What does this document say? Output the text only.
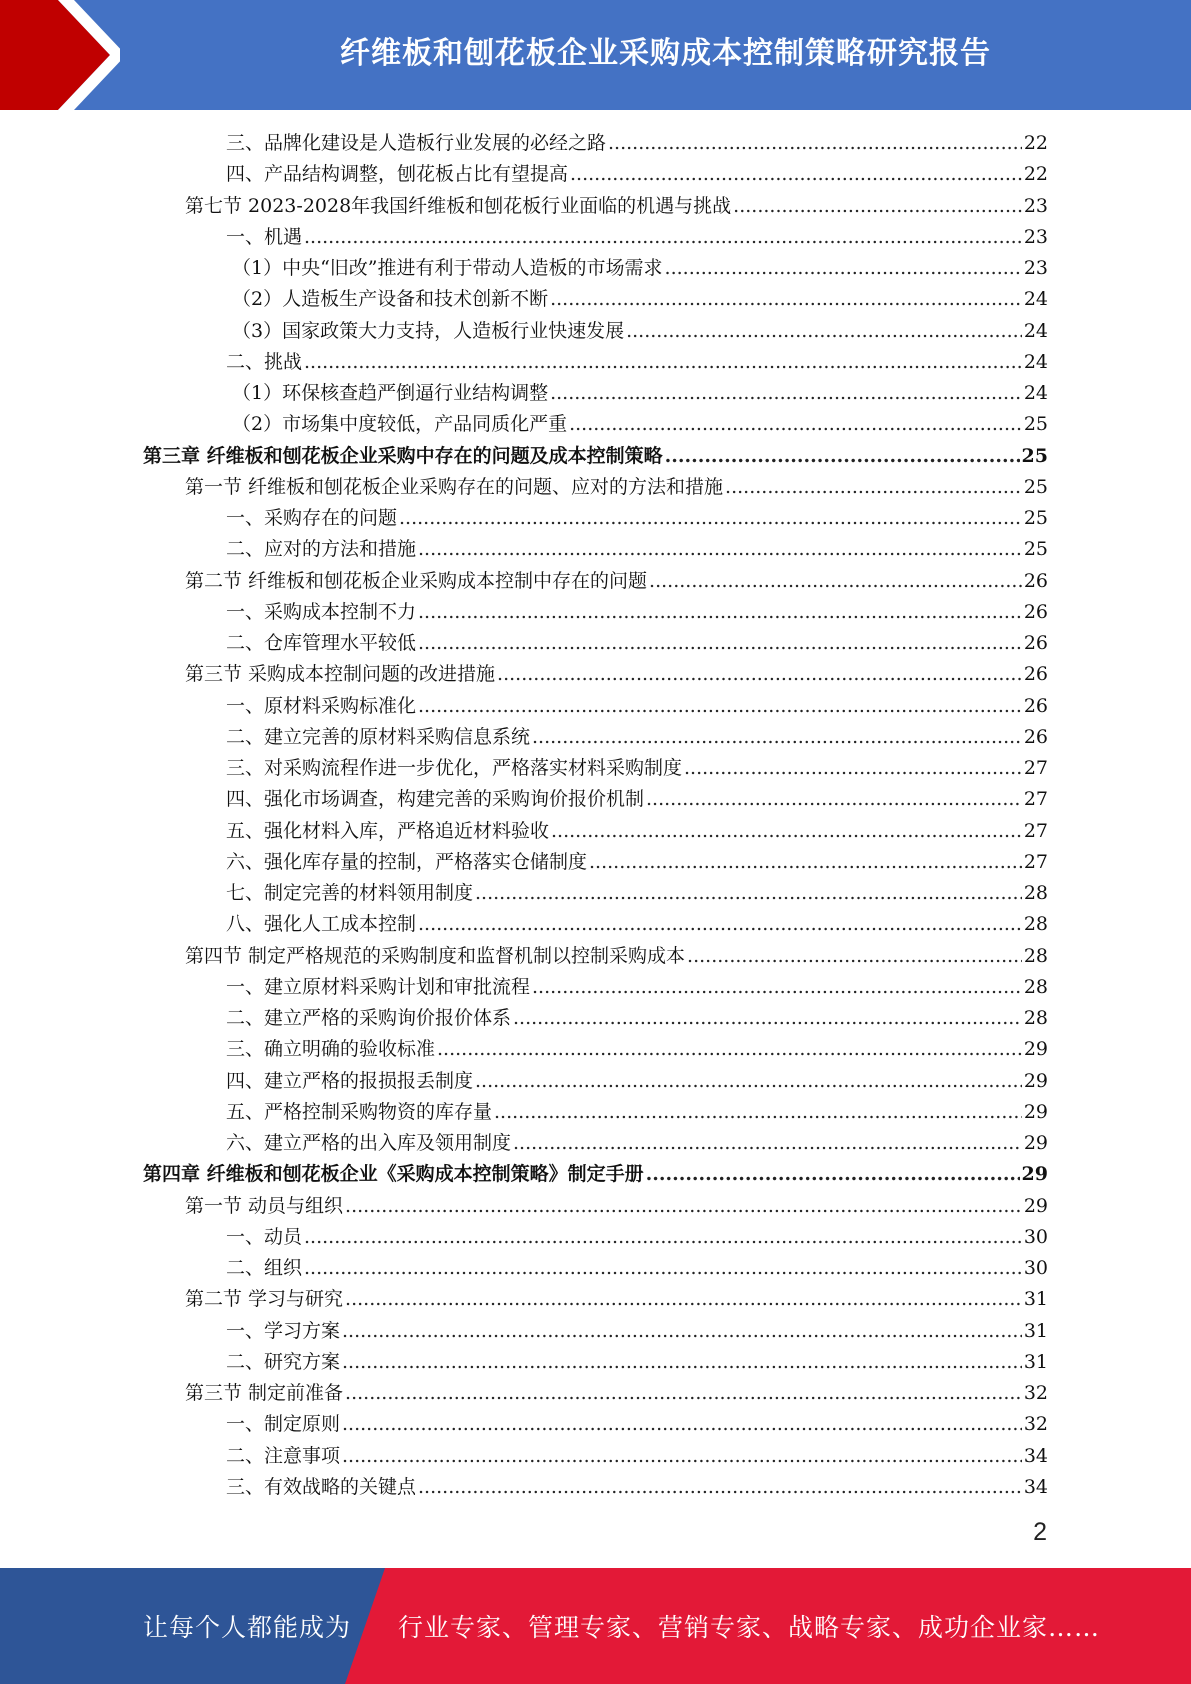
纤维板和刨花板企业采购成本控制策略研究报告
三、品牌化建设是人造板行业发展的必经之路 .....	22
四、产品结构调整，刨花板占比有望提高 .....	22
第七节 2023-2028年我国纤维板和刨花板行业面临的机遇与挑战 .....	23
一、机遇 .....	23
（1）中央“旧改”推进有利于带动人造板的市场需求 .....	23
（2）人造板生产设备和技术创新不断 .....	24
（3）国家政策大力支持，人造板行业快速发展 .....	24
二、挑战 .....	24
（1）环保核查趋严倒逼行业结构调整 .....	24
（2）市场集中度较低，产品同质化严重 .....	25
第三章 纤维板和刨花板企业采购中存在的问题及成本控制策略 .....	25
第一节 纤维板和刨花板企业采购存在的问题、应对的方法和措施 .....	25
一、采购存在的问题 .....	25
二、应对的方法和措施 .....	25
第二节 纤维板和刨花板企业采购成本控制中存在的问题 .....	26
一、采购成本控制不力 .....	26
二、仓库管理水平较低 .....	26
第三节 采购成本控制问题的改进措施 .....	26
一、原材料采购标准化 .....	26
二、建立完善的原材料采购信息系统 .....	26
三、对采购流程作进一步优化，严格落实材料采购制度 .....	27
四、强化市场调查，构建完善的采购询价报价机制 .....	27
五、强化材料入库，严格追近材料验收 .....	27
六、强化库存量的控制，严格落实仓储制度 .....	27
七、制定完善的材料领用制度 .....	28
八、强化人工成本控制 .....	28
第四节 制定严格规范的采购制度和监督机制以控制采购成本 .....	28
一、建立原材料采购计划和审批流程 .....	28
二、建立严格的采购询价报价体系 .....	28
三、确立明确的验收标准 .....	29
四、建立严格的报损报丢制度 .....	29
五、严格控制采购物资的库存量 .....	29
六、建立严格的出入库及领用制度 .....	29
第四章 纤维板和刨花板企业《采购成本控制策略》制定手册 .....	29
第一节 动员与组织 .....	29
一、动员 .....	30
二、组织 .....	30
第二节 学习与研究 .....	31
一、学习方案 .....	31
二、研究方案 .....	31
第三节 制定前准备 .....	32
一、制定原则 .....	32
二、注意事项 .....	34
三、有效战略的关键点 .....	34
2
让每个人都能成为 行业专家、管理专家、营销专家、战略专家、成功企业家……
